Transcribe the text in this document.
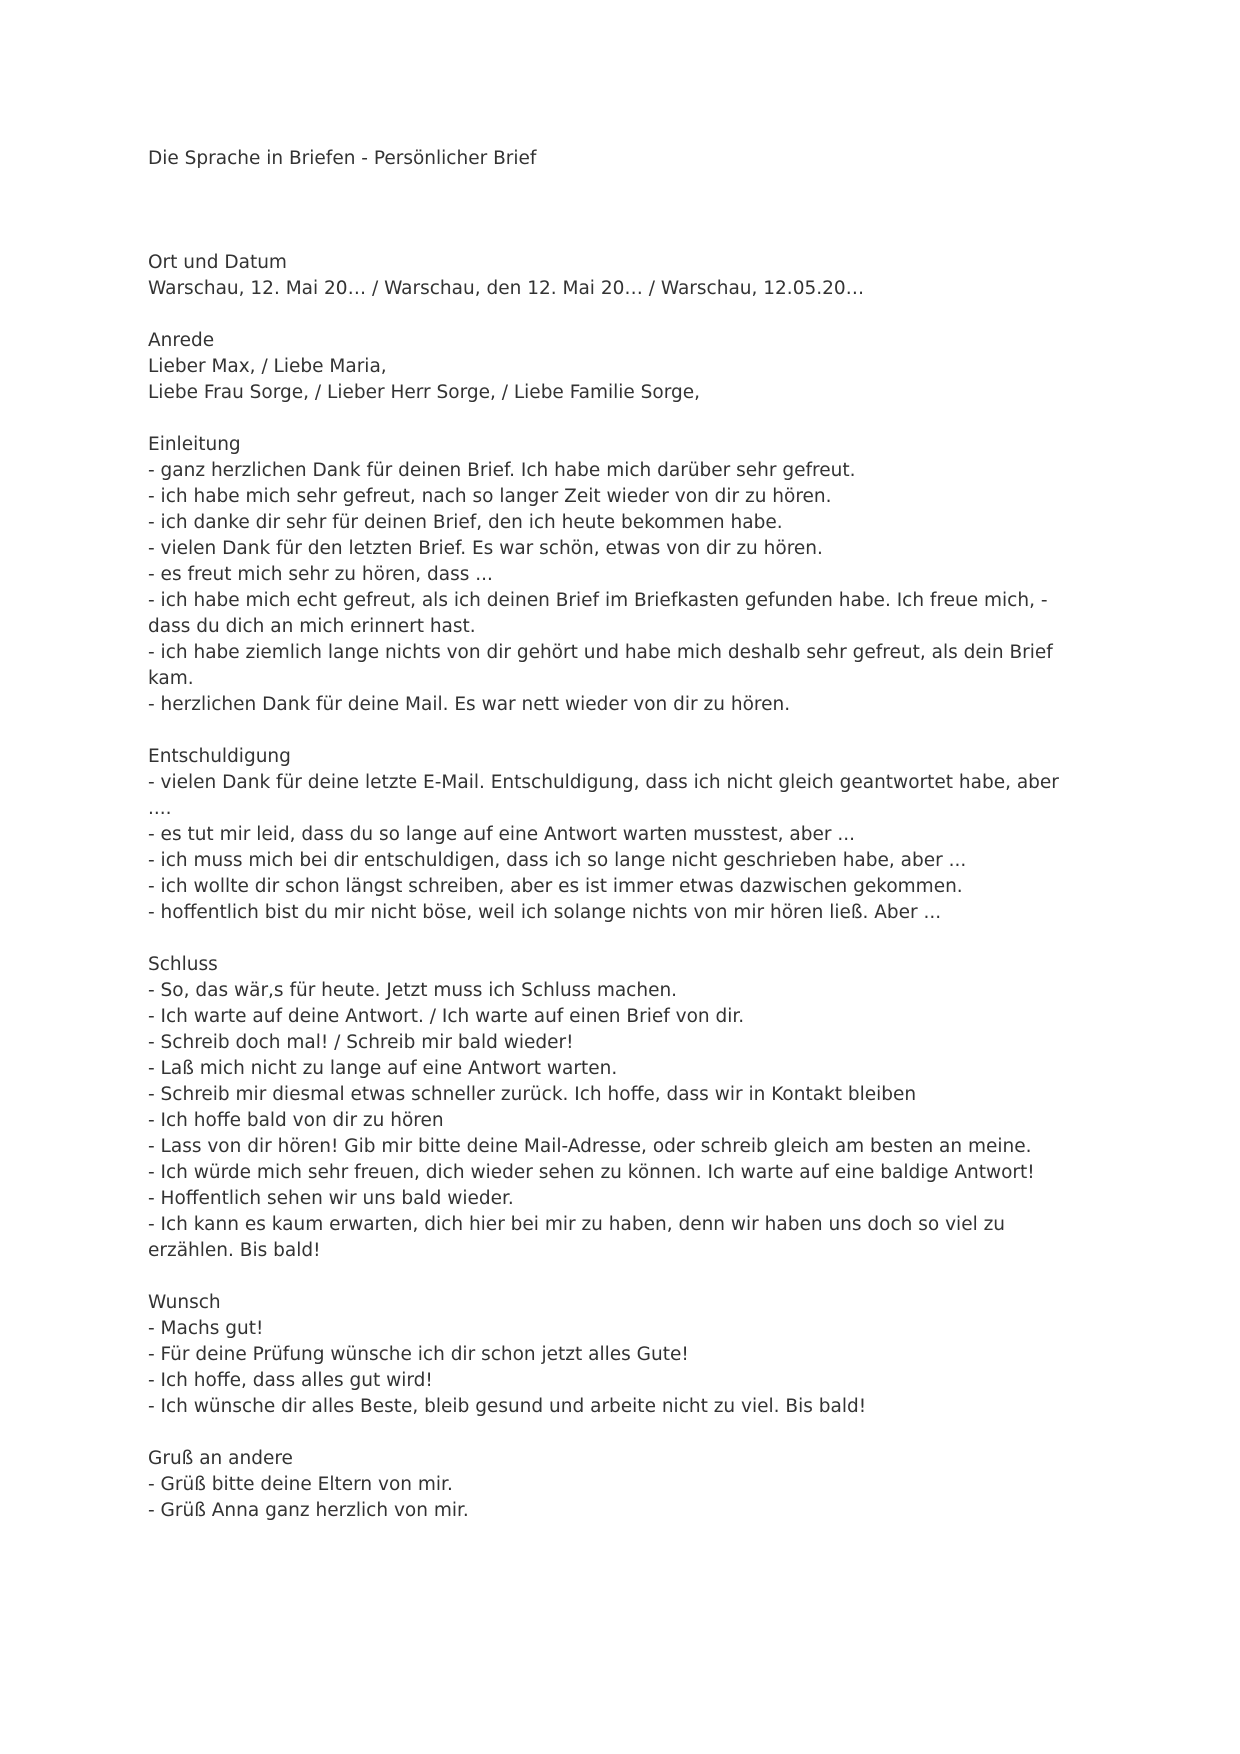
Die Sprache in Briefen - Persönlicher Brief
Ort und Datum

Warschau, 12. Mai 20… / Warschau, den 12. Mai 20… / Warschau, 12.05.20…

Anrede

Lieber Max, / Liebe Maria,

Liebe Frau Sorge, / Lieber Herr Sorge, / Liebe Familie Sorge,

Einleitung

- ganz herzlichen Dank für deinen Brief. Ich habe mich darüber sehr gefreut.

- ich habe mich sehr gefreut, nach so langer Zeit wieder von dir zu hören.

- ich danke dir sehr für deinen Brief, den ich heute bekommen habe.

- vielen Dank für den letzten Brief. Es war schön, etwas von dir zu hören.

- es freut mich sehr zu hören, dass ...

- ich habe mich echt gefreut, als ich deinen Brief im Briefkasten gefunden habe. Ich freue mich, - dass du dich an mich erinnert hast.

- ich habe ziemlich lange nichts von dir gehört und habe mich deshalb sehr gefreut, als dein Brief kam.

- herzlichen Dank für deine Mail. Es war nett wieder von dir zu hören.

Entschuldigung

- vielen Dank für deine letzte E-Mail. Entschuldigung, dass ich nicht gleich geantwortet habe, aber ....

- es tut mir leid, dass du so lange auf eine Antwort warten musstest, aber ...

- ich muss mich bei dir entschuldigen, dass ich so lange nicht geschrieben habe, aber ...

- ich wollte dir schon längst schreiben, aber es ist immer etwas dazwischen gekommen.

- hoffentlich bist du mir nicht böse, weil ich solange nichts von mir hören ließ. Aber ...

Schluss

- So, das wär,s für heute. Jetzt muss ich Schluss machen.

- Ich warte auf deine Antwort. / Ich warte auf einen Brief von dir.

- Schreib doch mal! / Schreib mir bald wieder!

- Laß mich nicht zu lange auf eine Antwort warten.

- Schreib mir diesmal etwas schneller zurück. Ich hoffe, dass wir in Kontakt bleiben

- Ich hoffe bald von dir zu hören

- Lass von dir hören! Gib mir bitte deine Mail-Adresse, oder schreib gleich am besten an meine.

- Ich würde mich sehr freuen, dich wieder sehen zu können. Ich warte auf eine baldige Antwort!

- Hoffentlich sehen wir uns bald wieder.

- Ich kann es kaum erwarten, dich hier bei mir zu haben, denn wir haben uns doch so viel zu erzählen. Bis bald!

Wunsch

- Machs gut!

- Für deine Prüfung wünsche ich dir schon jetzt alles Gute!

- Ich hoffe, dass alles gut wird!

- Ich wünsche dir alles Beste, bleib gesund und arbeite nicht zu viel. Bis bald!

Gruß an andere

- Grüß bitte deine Eltern von mir.

- Grüß Anna ganz herzlich von mir.
